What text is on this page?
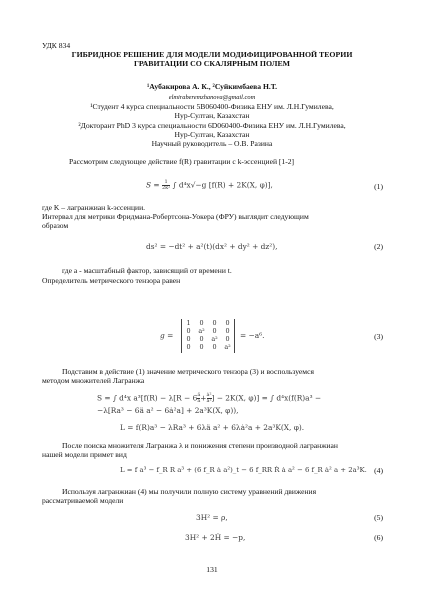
УДК 834
ГИБРИДНОЕ РЕШЕНИЕ ДЛЯ МОДЕЛИ МОДИФИЦИРОВАННОЙ ТЕОРИИ
ГРАВИТАЦИИ СО СКАЛЯРНЫМ ПОЛЕМ
¹Аубакирова А. К., ²Суйкимбаева Н.Т.
elmiraberemzhanova@gmail.com
¹Студент 4 курса специальности 5В060400-Физика ЕНУ им. Л.Н.Гумилева,
Нур-Султан, Казахстан
²Докторант PhD 3 курса специальности 6D060400-Физика ЕНУ им. Л.Н.Гумилева,
Нур-Султан, Казахстан
Научный руководитель – О.В. Разина
Рассмотрим следующее действие f(R) гравитации с k-эссенцией [1-2]
$S = \frac{1}{\text{2κ²}}$ ∫ d⁴x√−g [f(R) + 2K(X, φ)],	(1)
где K – лагранжиан k-эссенции.
Интервал для метрики Фридмана-Робертсона-Уокера (ФРУ) выглядит следующим
образом
ds² = −dt² + a²(t)(dx² + dy² + dz²),	(2)
где a - масштабный фактор, зависящий от времени t.
Определитель метрического тензора равен
g =
1	0	0	0
0	a²	0	0
0	0	a²	0
0	0	0	a²
= −a⁶.	(3)
Подставим в действие (1) значение метрического тензора (3) и воспользуемся
методом множителей Лагранжа
S = ∫ d⁴x $a^3[f(R) - \lambda[R - 6 \frac{ä}{a} + \frac{\text{ȧ²}}{\text{a²}}$ ] − 2K(X, φ)] = ∫ d⁴x(f(R)a³ −
−λ[Ra³ − 6ä a² − 6ȧ²a] + 2a³K(X, φ)),
L = f(R)a³ − λRa³ + 6λä a² + 6λȧ²a + 2a³K(X, φ).
После поиска множителя Лагранжа λ и понижения степени производной лагранжиан
нашей модели примет вид
L = f a³ − f_R R a³ + (6 f_R ȧ a²)_t − 6 f_RR Ṙ ȧ a² − 6 f_R ȧ² a + 2a³K. (4)
Используя лагранжиан (4) мы получили полную систему уравнений движения
рассматриваемой модели
3H² = ρ,	(5)
3H² + 2Ḣ = −p,	(6)
131
